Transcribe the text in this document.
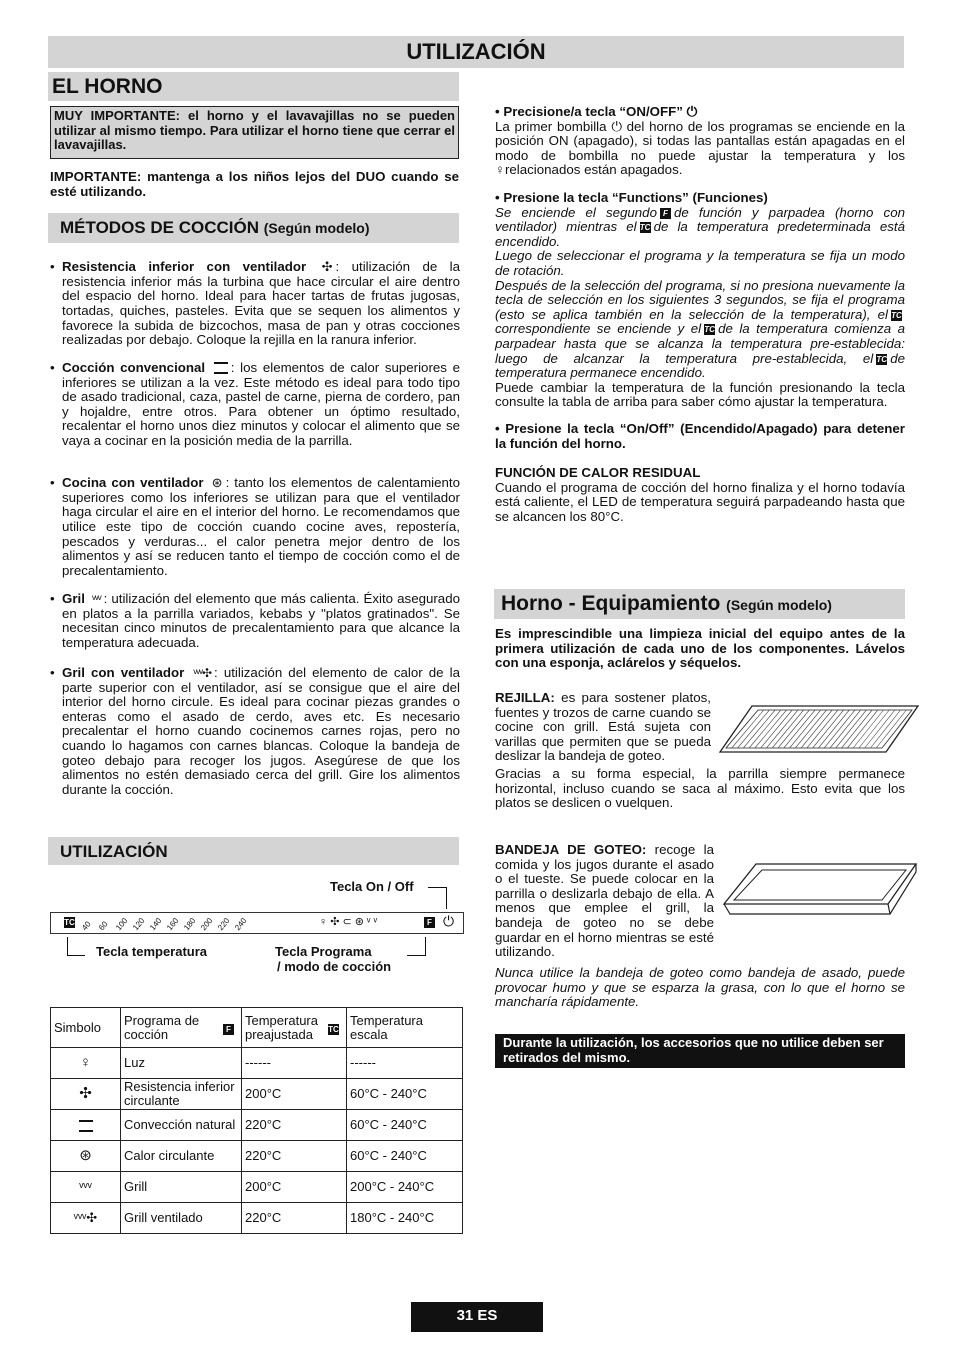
UTILIZACIÓN
EL HORNO
MUY IMPORTANTE: el horno y el lavavajillas no se pueden utilizar al mismo tiempo. Para utilizar el horno tiene que cerrar el lavavajillas.
IMPORTANTE: mantenga a los niños lejos del DUO cuando se esté utilizando.
MÉTODOS DE COCCIÓN (Según modelo)
• Resistencia inferior con ventilador ✣ : utilización de la resistencia inferior más la turbina que hace circular el aire dentro del espacio del horno. Ideal para hacer tartas de frutas jugosas, tortadas, quiches, pasteles. Evita que se sequen los alimentos y favorece la subida de bizcochos, masa de pan y otras cocciones realizadas por debajo. Coloque la rejilla en la ranura inferior.
• Cocción convencional : los elementos de calor superiores e inferiores se utilizan a la vez. Este método es ideal para todo tipo de asado tradicional, caza, pastel de carne, pierna de cordero, pan y hojaldre, entre otros. Para obtener un óptimo resultado, recalentar el horno unos diez minutos y colocar el alimento que se vaya a cocinar en la posición media de la parrilla.
• Cocina con ventilador ⊛ : tanto los elementos de calentamiento superiores como los inferiores se utilizan para que el ventilador haga circular el aire en el interior del horno. Le recomendamos que utilice este tipo de cocción cuando cocine aves, repostería, pescados y verduras... el calor penetra mejor dentro de los alimentos y así se reducen tanto el tiempo de cocción como el de precalentamiento.
• Gril ᵛᵛᵛ : utilización del elemento que más calienta. Éxito asegurado en platos a la parrilla variados, kebabs y "platos gratinados". Se necesitan cinco minutos de precalentamiento para que alcance la temperatura adecuada.
• Gril con ventilador ᵛᵛᵛ✣ : utilización del elemento de calor de la parte superior con el ventilador, así se consigue que el aire del interior del horno circule. Es ideal para cocinar piezas grandes o enteras como el asado de cerdo, aves etc. Es necesario precalentar el horno cuando cocinemos carnes rojas, pero no cuando lo hagamos con carnes blancas. Coloque la bandeja de goteo debajo para recoger los jugos. Asegúrese de que los alimentos no estén demasiado cerca del grill. Gire los alimentos durante la cocción.
UTILIZACIÓN
Tecla On / Off
TC 40 60 100 120 140 160 180 200 220 240	♀✣⊂⊛ᵛᵛ	F ⏻
Tecla temperatura	Tecla Programa
/ modo de cocción
Simbolo	Programa de cocción F	Temperatura preajustada TC	Temperatura escala
♀	Luz	------	------
✣	Resistencia inferior circulante	200°C	60°C - 240°C
	Convección natural	220°C	60°C - 240°C
⊛	Calor circulante	220°C	60°C - 240°C
ᵛᵛᵛ	Grill	200°C	200°C - 240°C
ᵛᵛᵛ✣	Grill ventilado	220°C	180°C - 240°C
• Precisione/a tecla “ON/OFF” ⏻
La primer bombilla ⏻ del horno de los programas se enciende en la posición ON (apagado), si todas las pantallas están apagadas en el modo de bombilla no puede ajustar la temperatura y los ♀relacionados están apagados.
• Presione la tecla “Functions” (Funciones)
Se enciende el segundo F de función y parpadea (horno con ventilador) mientras el TC de la temperatura predeterminada está encendido.
Luego de seleccionar el programa y la temperatura se fija un modo de rotación.
Después de la selección del programa, si no presiona nuevamente la tecla de selección en los siguientes 3 segundos, se fija el programa (esto se aplica también en la selección de la temperatura), el TCcorrespondiente se enciende y el TC de la temperatura comienza a parpadear hasta que se alcanza la temperatura pre-establecida: luego de alcanzar la temperatura pre-establecida, el TC de temperatura permanece encendido.
Puede cambiar la temperatura de la función presionando la tecla consulte la tabla de arriba para saber cómo ajustar la temperatura.
• Presione la tecla “On/Off” (Encendido/Apagado) para detener la función del horno.
FUNCIÓN DE CALOR RESIDUAL
Cuando el programa de cocción del horno finaliza y el horno todavía está caliente, el LED de temperatura seguirá parpadeando hasta que se alcancen los 80°C.
Horno - Equipamiento (Según modelo)
Es imprescindible una limpieza inicial del equipo antes de la primera utilización de cada uno de los componentes. Lávelos con una esponja, aclárelos y séquelos.
REJILLA: es para sostener platos, fuentes y trozos de carne cuando se cocine con grill. Está sujeta con varillas que permiten que se pueda deslizar la bandeja de goteo.
Gracias a su forma especial, la parrilla siempre permanece horizontal, incluso cuando se saca al máximo. Esto evita que los platos se deslicen o vuelquen.
BANDEJA DE GOTEO: recoge la comida y los jugos durante el asado o el tueste. Se puede colocar en la parrilla o deslizarla debajo de ella. A menos que emplee el grill, la bandeja de goteo no se debe guardar en el horno mientras se esté utilizando.
Nunca utilice la bandeja de goteo como bandeja de asado, puede provocar humo y que se esparza la grasa, con lo que el horno se mancharía rápidamente.
Durante la utilización, los accesorios que no utilice deben ser retirados del mismo.
31 ES
